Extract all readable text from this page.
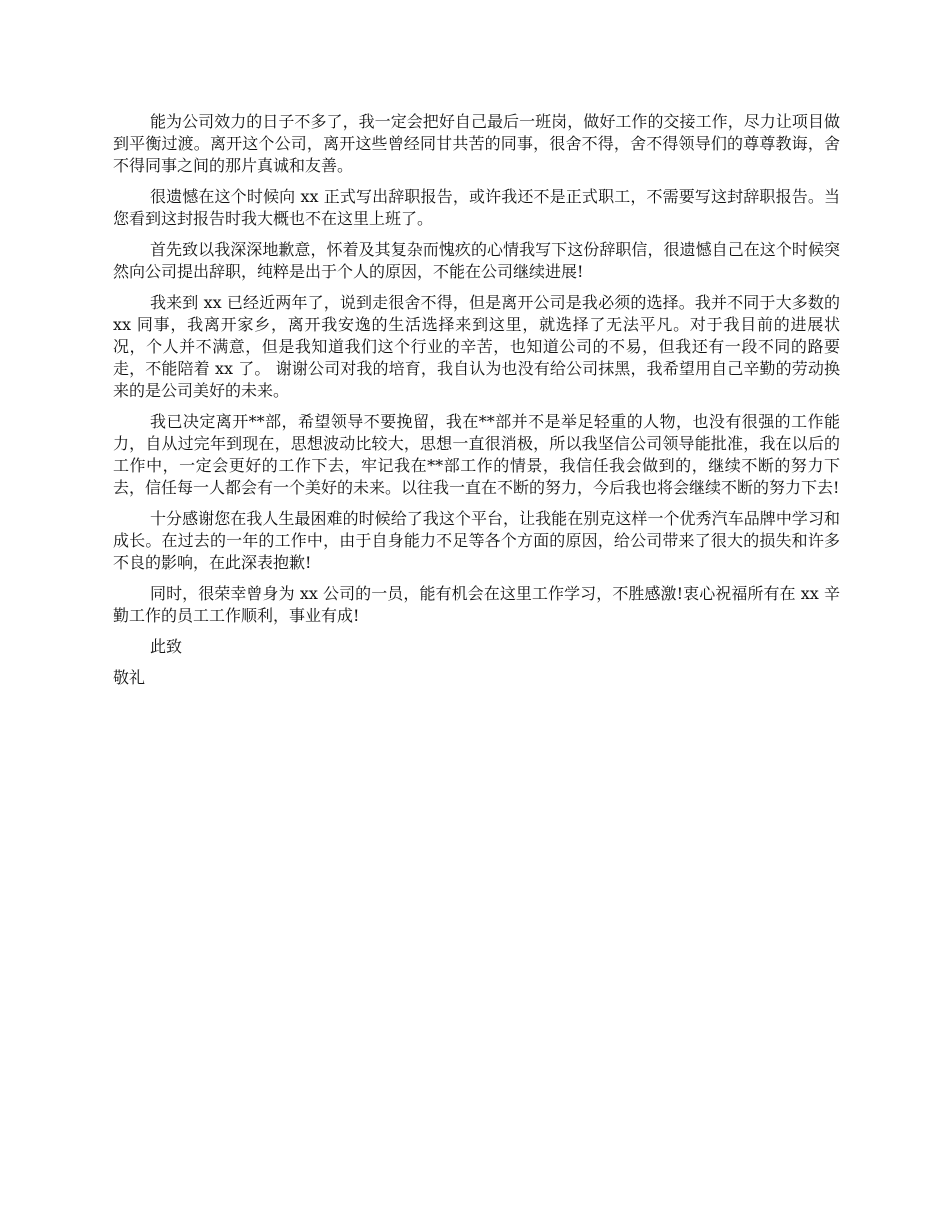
能为公司效力的日子不多了，我一定会把好自己最后一班岗，做好工作的交接工作，尽力让项目做到平衡过渡。离开这个公司，离开这些曾经同甘共苦的同事，很舍不得，舍不得领导们的尊尊教诲，舍不得同事之间的那片真诚和友善。

很遗憾在这个时候向 xx 正式写出辞职报告，或许我还不是正式职工，不需要写这封辞职报告。当您看到这封报告时我大概也不在这里上班了。

首先致以我深深地歉意，怀着及其复杂而愧疚的心情我写下这份辞职信，很遗憾自己在这个时候突然向公司提出辞职，纯粹是出于个人的原因，不能在公司继续进展!

我来到 xx 已经近两年了，说到走很舍不得，但是离开公司是我必须的选择。我并不同于大多数的 xx 同事，我离开家乡，离开我安逸的生活选择来到这里，就选择了无法平凡。对于我目前的进展状况，个人并不满意，但是我知道我们这个行业的辛苦，也知道公司的不易，但我还有一段不同的路要走，不能陪着 xx 了。 谢谢公司对我的培育，我自认为也没有给公司抹黑，我希望用自己辛勤的劳动换来的是公司美好的未来。

我已决定离开**部，希望领导不要挽留，我在**部并不是举足轻重的人物，也没有很强的工作能力，自从过完年到现在，思想波动比较大，思想一直很消极，所以我坚信公司领导能批准，我在以后的工作中，一定会更好的工作下去，牢记我在**部工作的情景，我信任我会做到的，继续不断的努力下去，信任每一人都会有一个美好的未来。以往我一直在不断的努力，今后我也将会继续不断的努力下去!

十分感谢您在我人生最困难的时候给了我这个平台，让我能在别克这样一个优秀汽车品牌中学习和成长。在过去的一年的工作中，由于自身能力不足等各个方面的原因，给公司带来了很大的损失和许多不良的影响，在此深表抱歉!

同时，很荣幸曾身为 xx 公司的一员，能有机会在这里工作学习，不胜感激!衷心祝福所有在 xx 辛勤工作的员工工作顺利，事业有成!

此致

敬礼
